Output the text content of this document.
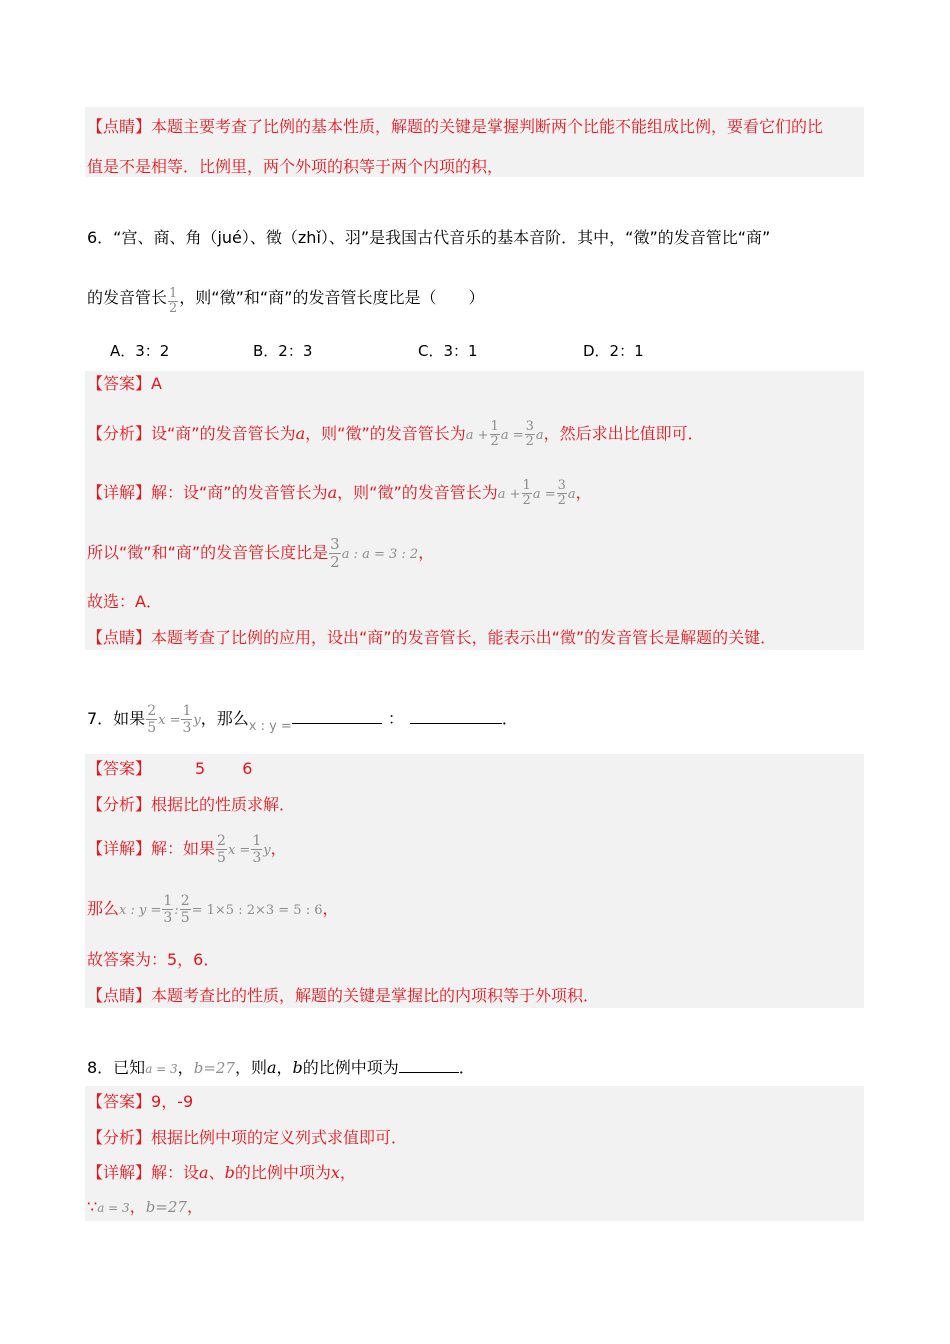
【点睛】本题主要考查了比例的基本性质，解题的关键是掌握判断两个比能不能组成比例，要看它们的比
值是不是相等．比例里，两个外项的积等于两个内项的积，
6．“宫、商、角（jué）、徵（zhǐ）、羽”是我国古代音乐的基本音阶．其中，“徵”的发音管比“商”
的发音管长 $\frac{1}{2}$ ，则“徵”和“商”的发音管长度比是（　　）
A．3：2	B．2：3	C．3：1	D．2：1
【答案】A
【分析】设“商”的发音管长为a，则“徵”的发音管长为$a + \frac{1}{2}$ $a = \frac{3}{2}$ a，然后求出比值即可．
【详解】解：设“商”的发音管长为a，则“徵”的发音管长为$a + \frac{1}{2}$ $a = \frac{3}{2}$ a，
所以“徵”和“商”的发音管长度比是 $\frac{3}{2}$ a : a = 3 : 2，
故选：A．
【点睛】本题考查了比例的应用，设出“商”的发音管长，能表示出“徵”的发音管长是解题的关键．
7．如果 $\frac{2}{5}$ $x = \frac{1}{3}$ y，那么$_{x : y =}$	：	．
【答案】	5 6
【分析】根据比的性质求解．
【详解】解：如果 $\frac{2}{5}$ $x = \frac{1}{3}$ y，
那么x : $y = \frac{1}{3}$ : $\frac{2}{5} = 1\times 5$ : 2×3 = 5 : 6，
故答案为：5，6．
【点睛】本题考查比的性质，解题的关键是掌握比的内项积等于外项积．
8．已知a = 3，b=27，则a，b的比例中项为	．
【答案】9，-9
【分析】根据比例中项的定义列式求值即可．
【详解】解：设a、b的比例中项为x，
∵a = 3，b=27，
